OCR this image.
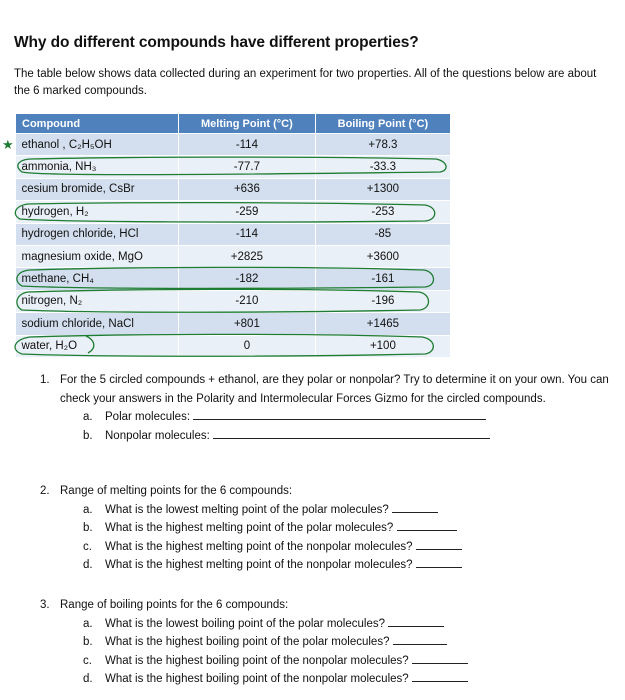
Why do different compounds have different properties?
The table below shows data collected during an experiment for two properties. All of the questions below are about the 6 marked compounds.
Compound	Melting Point (°C)	Boiling Point (°C)
ethanol , C₂H₅OH	-114	+78.3
ammonia, NH₃	-77.7	-33.3
cesium bromide, CsBr	+636	+1300
hydrogen, H₂	-259	-253
hydrogen chloride, HCl	-114	-85
magnesium oxide, MgO	+2825	+3600
methane, CH₄	-182	-161
nitrogen, N₂	-210	-196
sodium chloride, NaCl	+801	+1465
water, H₂O	0	+100
★
1. For the 5 circled compounds + ethanol, are they polar or nonpolar? Try to determine it on your own. You can check your answers in the Polarity and Intermolecular Forces Gizmo for the circled compounds.
a. Polar molecules:
b. Nonpolar molecules:
2. Range of melting points for the 6 compounds:
a. What is the lowest melting point of the polar molecules?
b. What is the highest melting point of the polar molecules?
c. What is the highest melting point of the nonpolar molecules?
d. What is the highest melting point of the nonpolar molecules?
3. Range of boiling points for the 6 compounds:
a. What is the lowest boiling point of the polar molecules?
b. What is the highest boiling point of the polar molecules?
c. What is the highest boiling point of the nonpolar molecules?
d. What is the highest boiling point of the nonpolar molecules?
